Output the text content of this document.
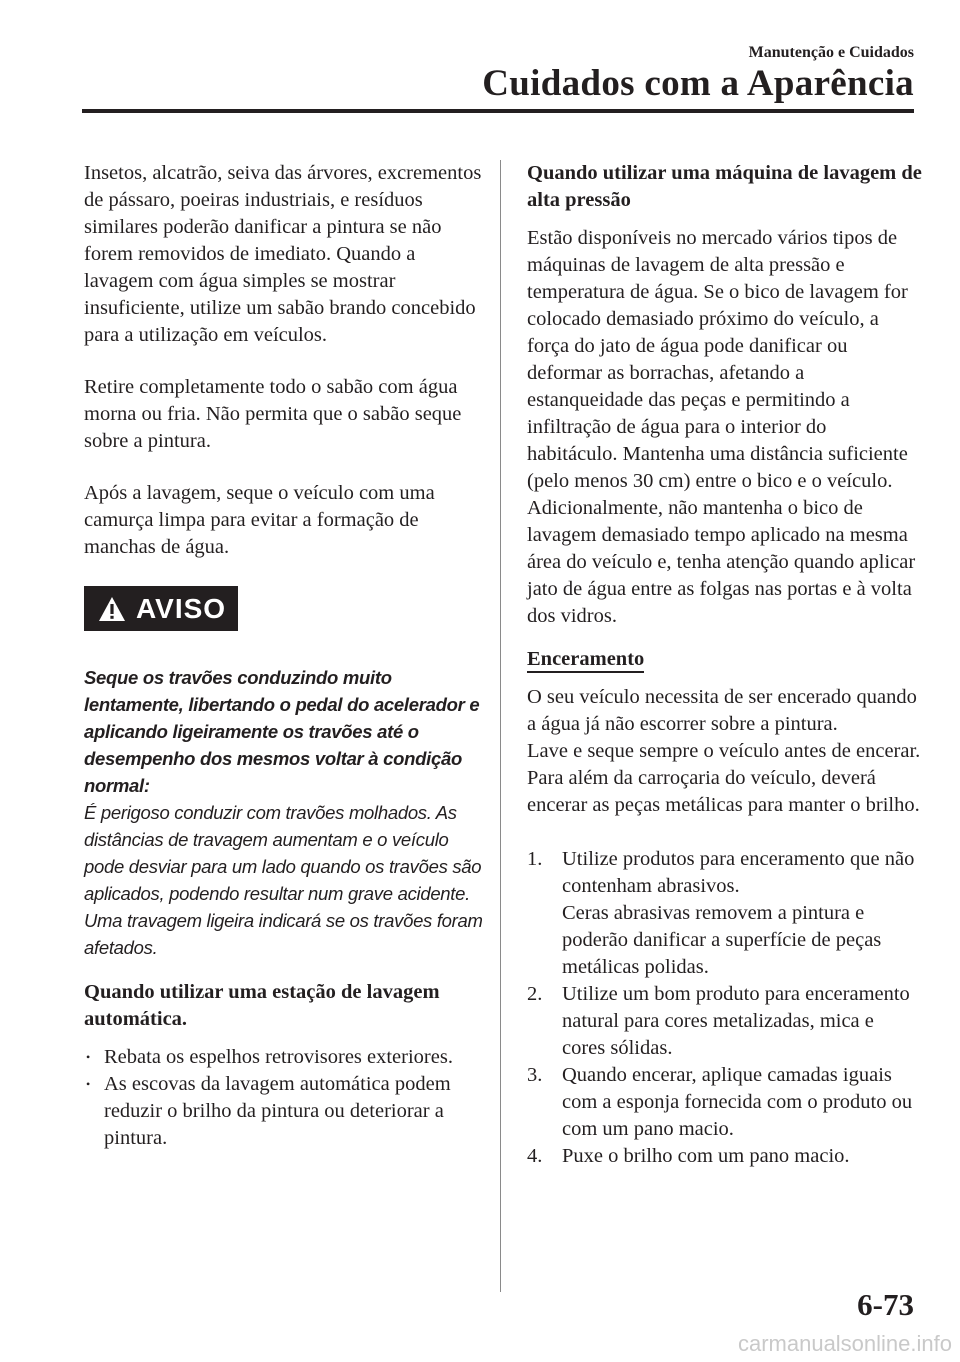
Manutenção e Cuidados
Cuidados com a Aparência

Insetos, alcatrão, seiva das árvores, excrementos de pássaro, poeiras industriais, e resíduos similares poderão danificar a pintura se não forem removidos de imediato. Quando a lavagem com água simples se mostrar insuficiente, utilize um sabão brando concebido para a utilização em veículos.

Retire completamente todo o sabão com água morna ou fria. Não permita que o sabão seque sobre a pintura.

Após a lavagem, seque o veículo com uma camurça limpa para evitar a formação de manchas de água.

AVISO

Seque os travões conduzindo muito lentamente, libertando o pedal do acelerador e aplicando ligeiramente os travões até o desempenho dos mesmos voltar à condição normal:

É perigoso conduzir com travões molhados. As distâncias de travagem aumentam e o veículo pode desviar para um lado quando os travões são aplicados, podendo resultar num grave acidente. Uma travagem ligeira indicará se os travões foram afetados.

Quando utilizar uma estação de lavagem automática.

• Rebata os espelhos retrovisores exteriores.
• As escovas da lavagem automática podem reduzir o brilho da pintura ou deteriorar a pintura.

Quando utilizar uma máquina de lavagem de alta pressão

Estão disponíveis no mercado vários tipos de máquinas de lavagem de alta pressão e temperatura de água. Se o bico de lavagem for colocado demasiado próximo do veículo, a força do jato de água pode danificar ou deformar as borrachas, afetando a estanqueidade das peças e permitindo a infiltração de água para o interior do habitáculo. Mantenha uma distância suficiente (pelo menos 30 cm) entre o bico e o veículo. Adicionalmente, não mantenha o bico de lavagem demasiado tempo aplicado na mesma área do veículo e, tenha atenção quando aplicar jato de água entre as folgas nas portas e à volta dos vidros.

Enceramento

O seu veículo necessita de ser encerado quando a água já não escorrer sobre a pintura.

Lave e seque sempre o veículo antes de encerar. Para além da carroçaria do veículo, deverá encerar as peças metálicas para manter o brilho.

1. Utilize produtos para enceramento que não contenham abrasivos.
Ceras abrasivas removem a pintura e poderão danificar a superfície de peças metálicas polidas.
2. Utilize um bom produto para enceramento natural para cores metalizadas, mica e cores sólidas.
3. Quando encerar, aplique camadas iguais com a esponja fornecida com o produto ou com um pano macio.
4. Puxe o brilho com um pano macio.
6-73
carmanualsonline.info
